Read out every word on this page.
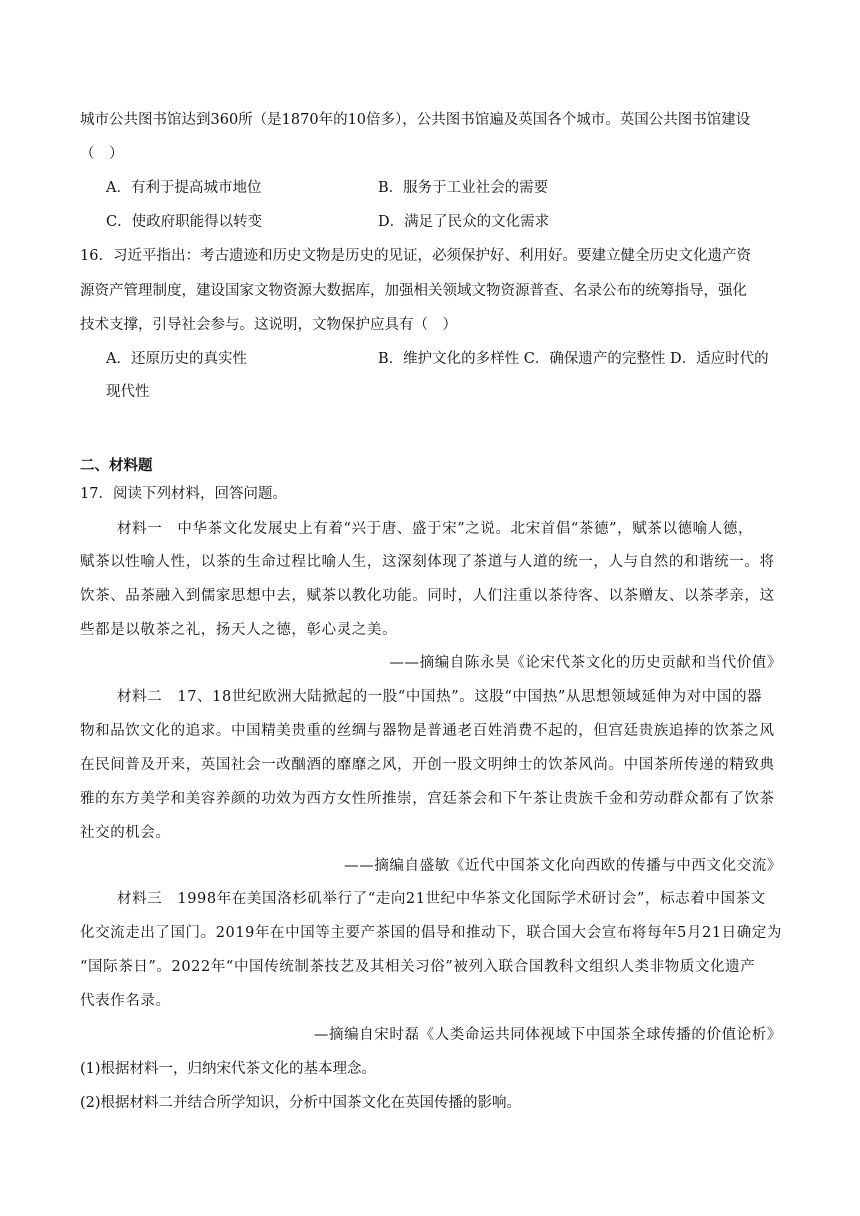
城市公共图书馆达到360所（是1870年的10倍多），公共图书馆遍及英国各个城市。英国公共图书馆建设
（　）
A．有利于提高城市地位	B．服务于工业社会的需要
C．使政府职能得以转变	D．满足了民众的文化需求
16．习近平指出：考古遗迹和历史文物是历史的见证，必须保护好、利用好。要建立健全历史文化遗产资
源资产管理制度，建设国家文物资源大数据库，加强相关领域文物资源普查、名录公布的统筹指导，强化
技术支撑，引导社会参与。这说明，文物保护应具有（　）
A．还原历史的真实性	B．维护文化的多样性 C．确保遗产的完整性 D．适应时代的
现代性
二、材料题
17．阅读下列材料，回答问题。
材料一　中华茶文化发展史上有着“兴于唐、盛于宋”之说。北宋首倡“茶德”，赋茶以德喻人德，
赋茶以性喻人性，以茶的生命过程比喻人生，这深刻体现了茶道与人道的统一，人与自然的和谐统一。将
饮茶、品茶融入到儒家思想中去，赋茶以教化功能。同时，人们注重以茶待客、以茶赠友、以茶孝亲，这
些都是以敬茶之礼，扬天人之德，彰心灵之美。
——摘编自陈永昊《论宋代茶文化的历史贡献和当代价值》
材料二　17、18世纪欧洲大陆掀起的一股“中国热”。这股“中国热”从思想领域延伸为对中国的器
物和品饮文化的追求。中国精美贵重的丝绸与器物是普通老百姓消费不起的，但宫廷贵族追捧的饮茶之风
在民间普及开来，英国社会一改酗酒的靡靡之风，开创一股文明绅士的饮茶风尚。中国茶所传递的精致典
雅的东方美学和美容养颜的功效为西方女性所推崇，宫廷茶会和下午茶让贵族千金和劳动群众都有了饮茶
社交的机会。
——摘编自盛敏《近代中国茶文化向西欧的传播与中西文化交流》
材料三　1998年在美国洛杉矶举行了“走向21世纪中华茶文化国际学术研讨会”，标志着中国茶文
化交流走出了国门。2019年在中国等主要产茶国的倡导和推动下，联合国大会宣布将每年5月21日确定为
“国际茶日”。2022年“中国传统制茶技艺及其相关习俗”被列入联合国教科文组织人类非物质文化遗产
代表作名录。
—摘编自宋时磊《人类命运共同体视域下中国茶全球传播的价值论析》
(1)根据材料一，归纳宋代茶文化的基本理念。
(2)根据材料二并结合所学知识，分析中国茶文化在英国传播的影响。
